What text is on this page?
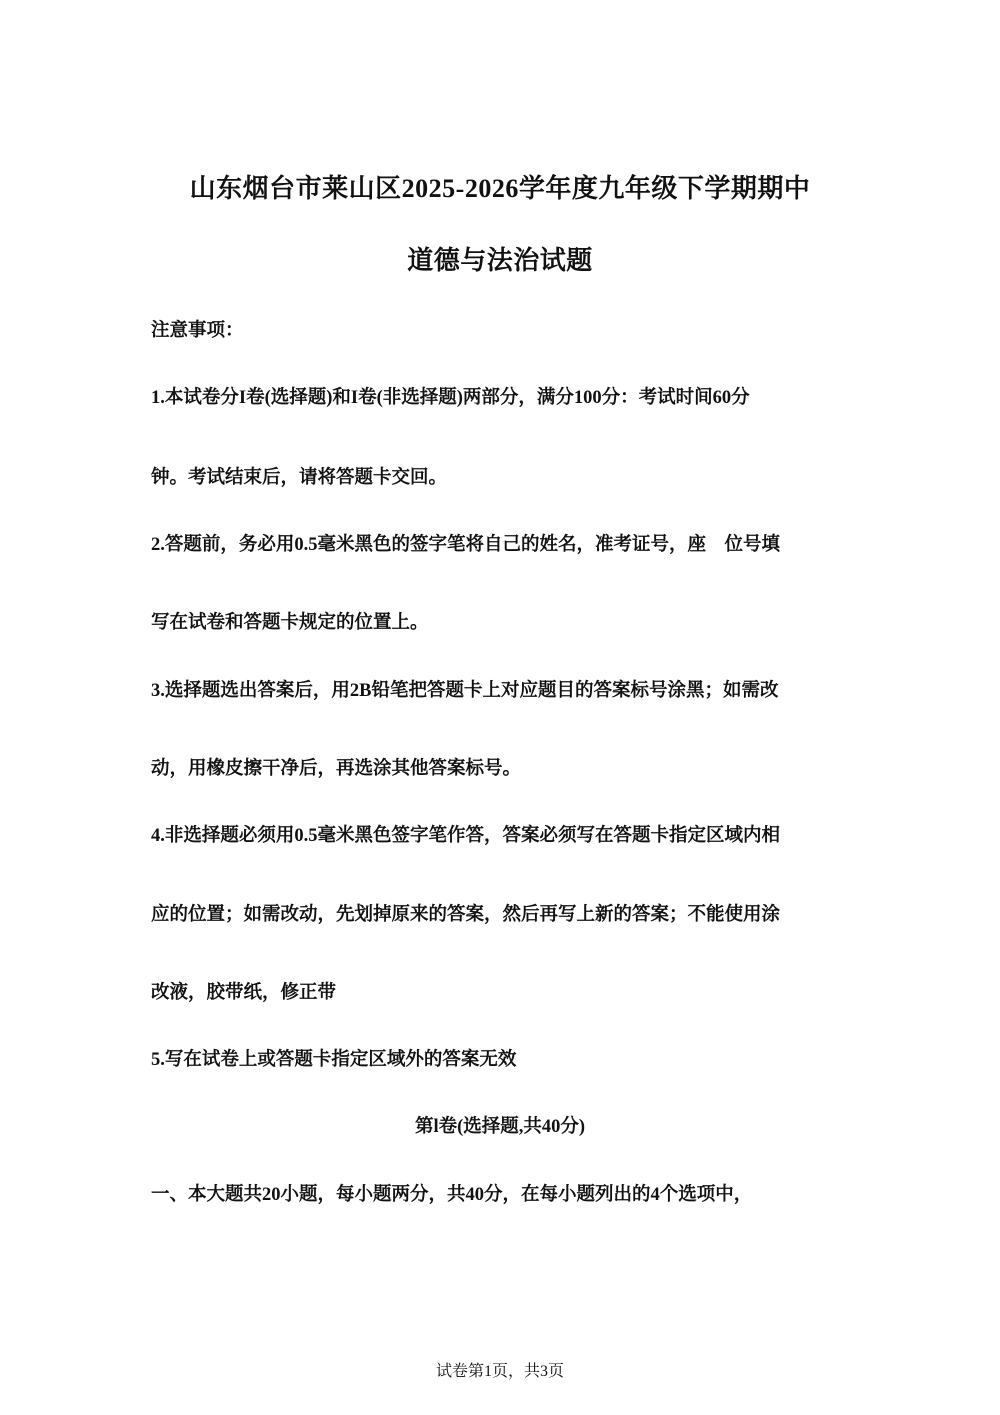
山东烟台市莱山区2025-2026学年度九年级下学期期中
道德与法治试题
注意事项：
1.本试卷分I卷(选择题)和I卷(非选择题)两部分，满分100分：考试时间60分
钟。考试结束后，请将答题卡交回。
2.答题前，务必用0.5毫米黑色的签字笔将自己的姓名，准考证号，座　位号填
写在试卷和答题卡规定的位置上。
3.选择题选出答案后，用2B铅笔把答题卡上对应题目的答案标号涂黑；如需改
动，用橡皮擦干净后，再选涂其他答案标号。
4.非选择题必须用0.5毫米黑色签字笔作答，答案必须写在答题卡指定区域内相
应的位置；如需改动，先划掉原来的答案，然后再写上新的答案；不能使用涂
改液，胶带纸，修正带
5.写在试卷上或答题卡指定区域外的答案无效
第l卷(选择题,共40分)
一、本大题共20小题，每小题两分，共40分，在每小题列出的4个选项中，
试卷第1页，共3页
